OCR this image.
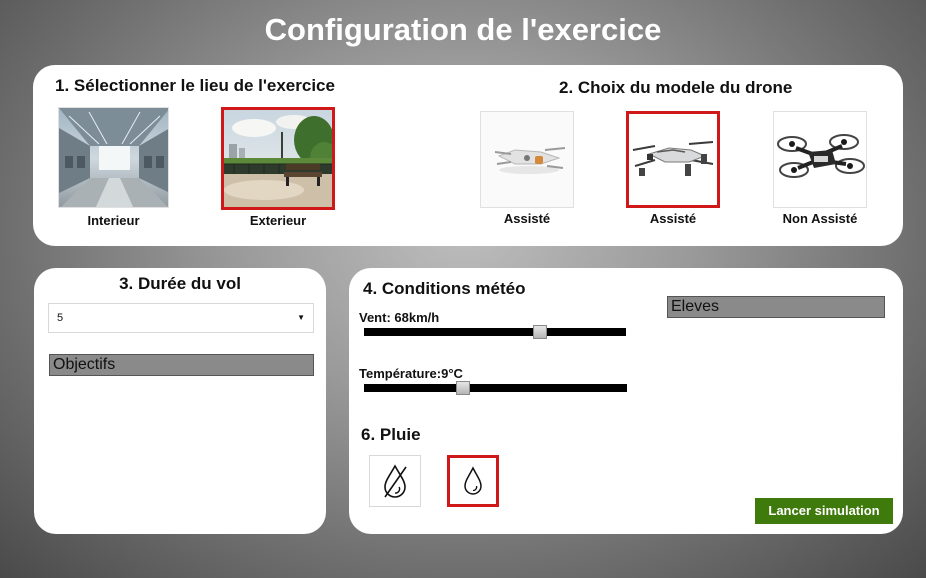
Configuration de l'exercice
1. Sélectionner le lieu de l'exercice	2. Choix du modele du drone
Interieur	Exterieur	Assisté	Assisté	Non Assisté
3. Durée du vol
5	▼
Objectifs
4. Conditions météo
Vent: 68km/h
Température:9°C
Eleves
6. Pluie
Lancer simulation
